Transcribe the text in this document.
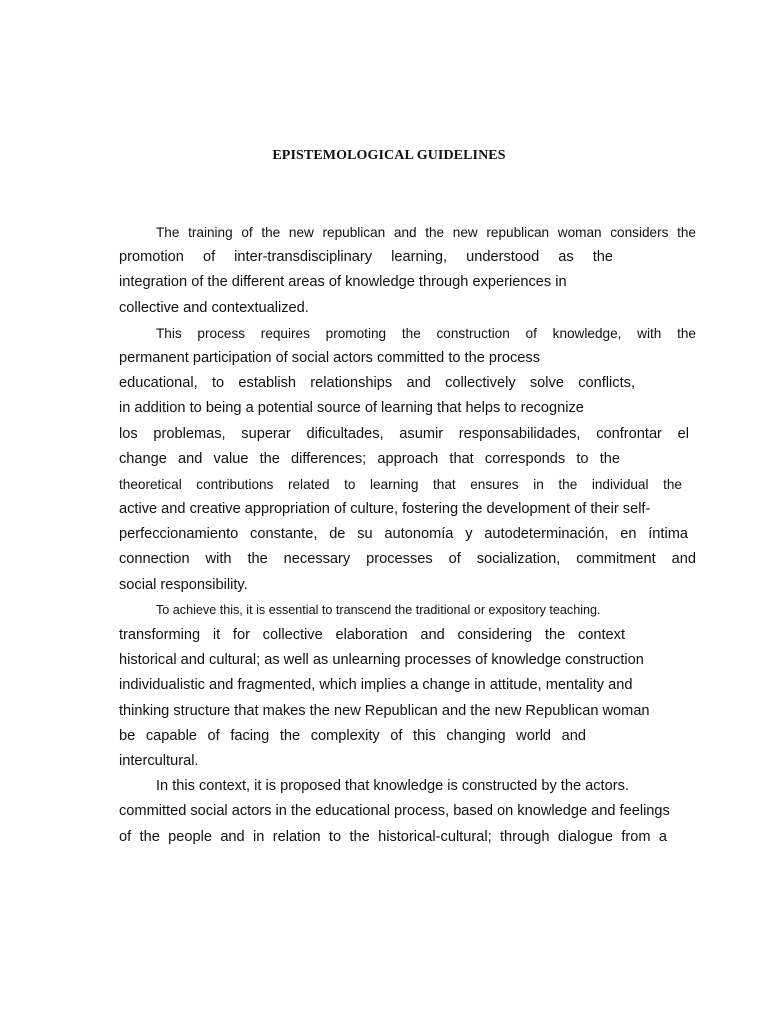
EPISTEMOLOGICAL GUIDELINES
The training of the new republican and the new republican woman considers the
promotion of inter-transdisciplinary learning, understood as the
integration of the different areas of knowledge through experiences in
collective and contextualized.
This process requires promoting the construction of knowledge, with the
permanent participation of social actors committed to the process
educational, to establish relationships and collectively solve conflicts,
in addition to being a potential source of learning that helps to recognize
los problemas, superar dificultades, asumir responsabilidades, confrontar el
change and value the differences; approach that corresponds to the
theoretical contributions related to learning that ensures in the individual the
active and creative appropriation of culture, fostering the development of their self-
perfeccionamiento constante, de su autonomía y autodeterminación, en íntima
connection with the necessary processes of socialization, commitment and
social responsibility.
To achieve this, it is essential to transcend the traditional or expository teaching.
transforming it for collective elaboration and considering the context
historical and cultural; as well as unlearning processes of knowledge construction
individualistic and fragmented, which implies a change in attitude, mentality and
thinking structure that makes the new Republican and the new Republican woman
be capable of facing the complexity of this changing world and
intercultural.
In this context, it is proposed that knowledge is constructed by the actors.
committed social actors in the educational process, based on knowledge and feelings
of the people and in relation to the historical-cultural; through dialogue from a
